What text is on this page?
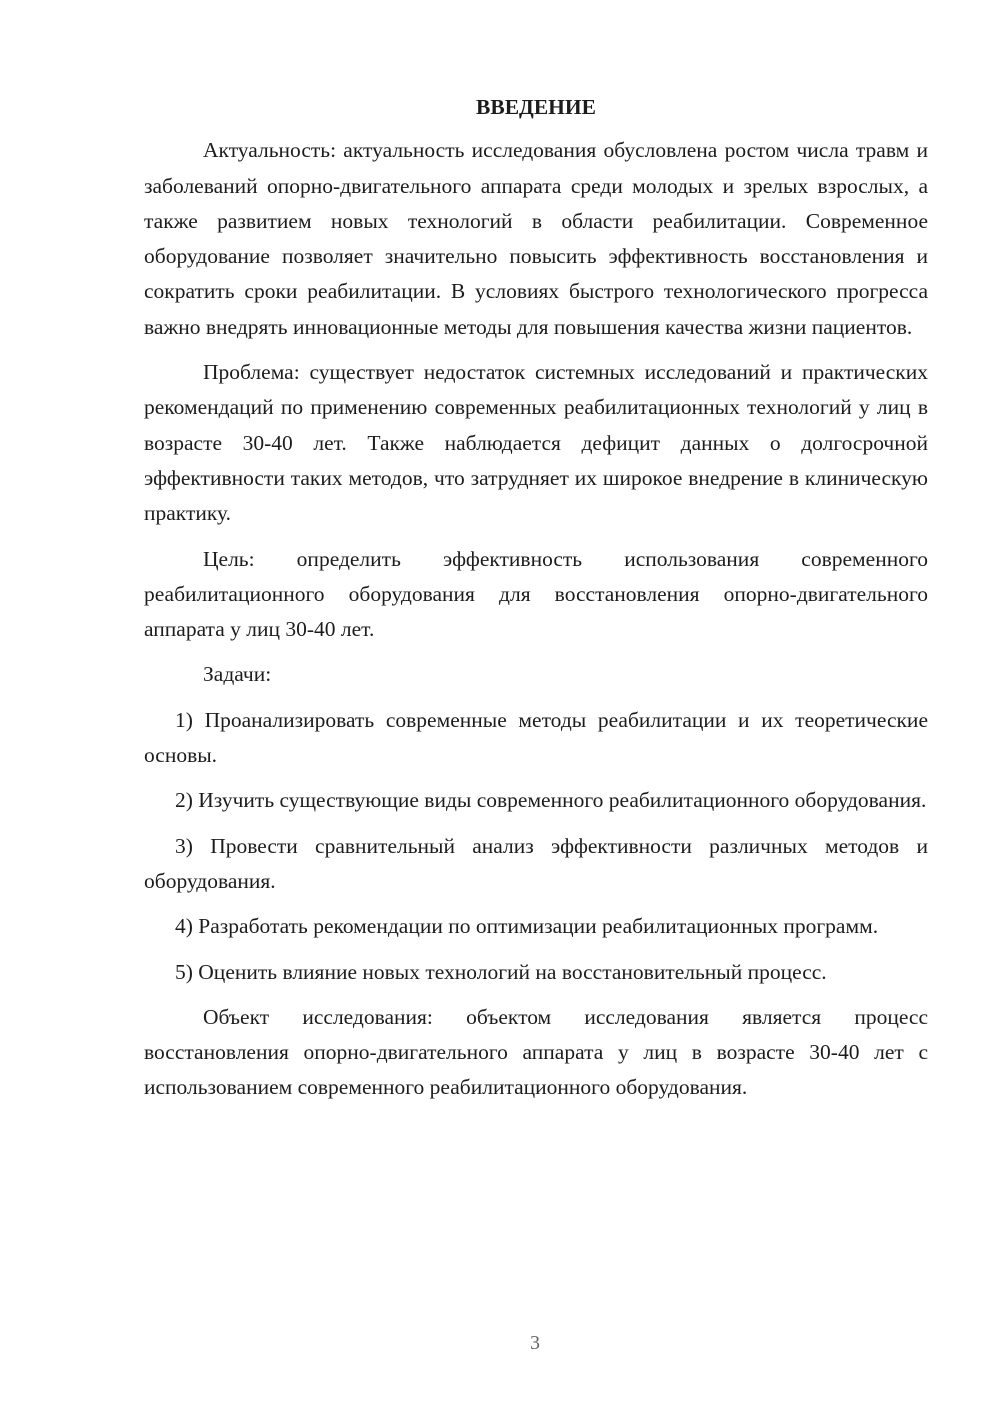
ВВЕДЕНИЕ

Актуальность: актуальность исследования обусловлена ростом числа травм и заболеваний опорно-двигательного аппарата среди молодых и зрелых взрослых, а также развитием новых технологий в области реабилитации. Современное оборудование позволяет значительно повысить эффективность восстановления и сократить сроки реабилитации. В условиях быстрого технологического прогресса важно внедрять инновационные методы для повышения качества жизни пациентов.

Проблема: существует недостаток системных исследований и практических рекомендаций по применению современных реабилитационных технологий у лиц в возрасте 30-40 лет. Также наблюдается дефицит данных о долгосрочной эффективности таких методов, что затрудняет их широкое внедрение в клиническую практику.

Цель: определить эффективность использования современного реабилитационного оборудования для восстановления опорно-двигательного аппарата у лиц 30-40 лет.

Задачи:

1) Проанализировать современные методы реабилитации и их теоретические основы.

2) Изучить существующие виды современного реабилитационного оборудования.

3) Провести сравнительный анализ эффективности различных методов и оборудования.

4) Разработать рекомендации по оптимизации реабилитационных программ.

5) Оценить влияние новых технологий на восстановительный процесс.

Объект исследования: объектом исследования является процесс восстановления опорно-двигательного аппарата у лиц в возрасте 30-40 лет с использованием современного реабилитационного оборудования.

3
